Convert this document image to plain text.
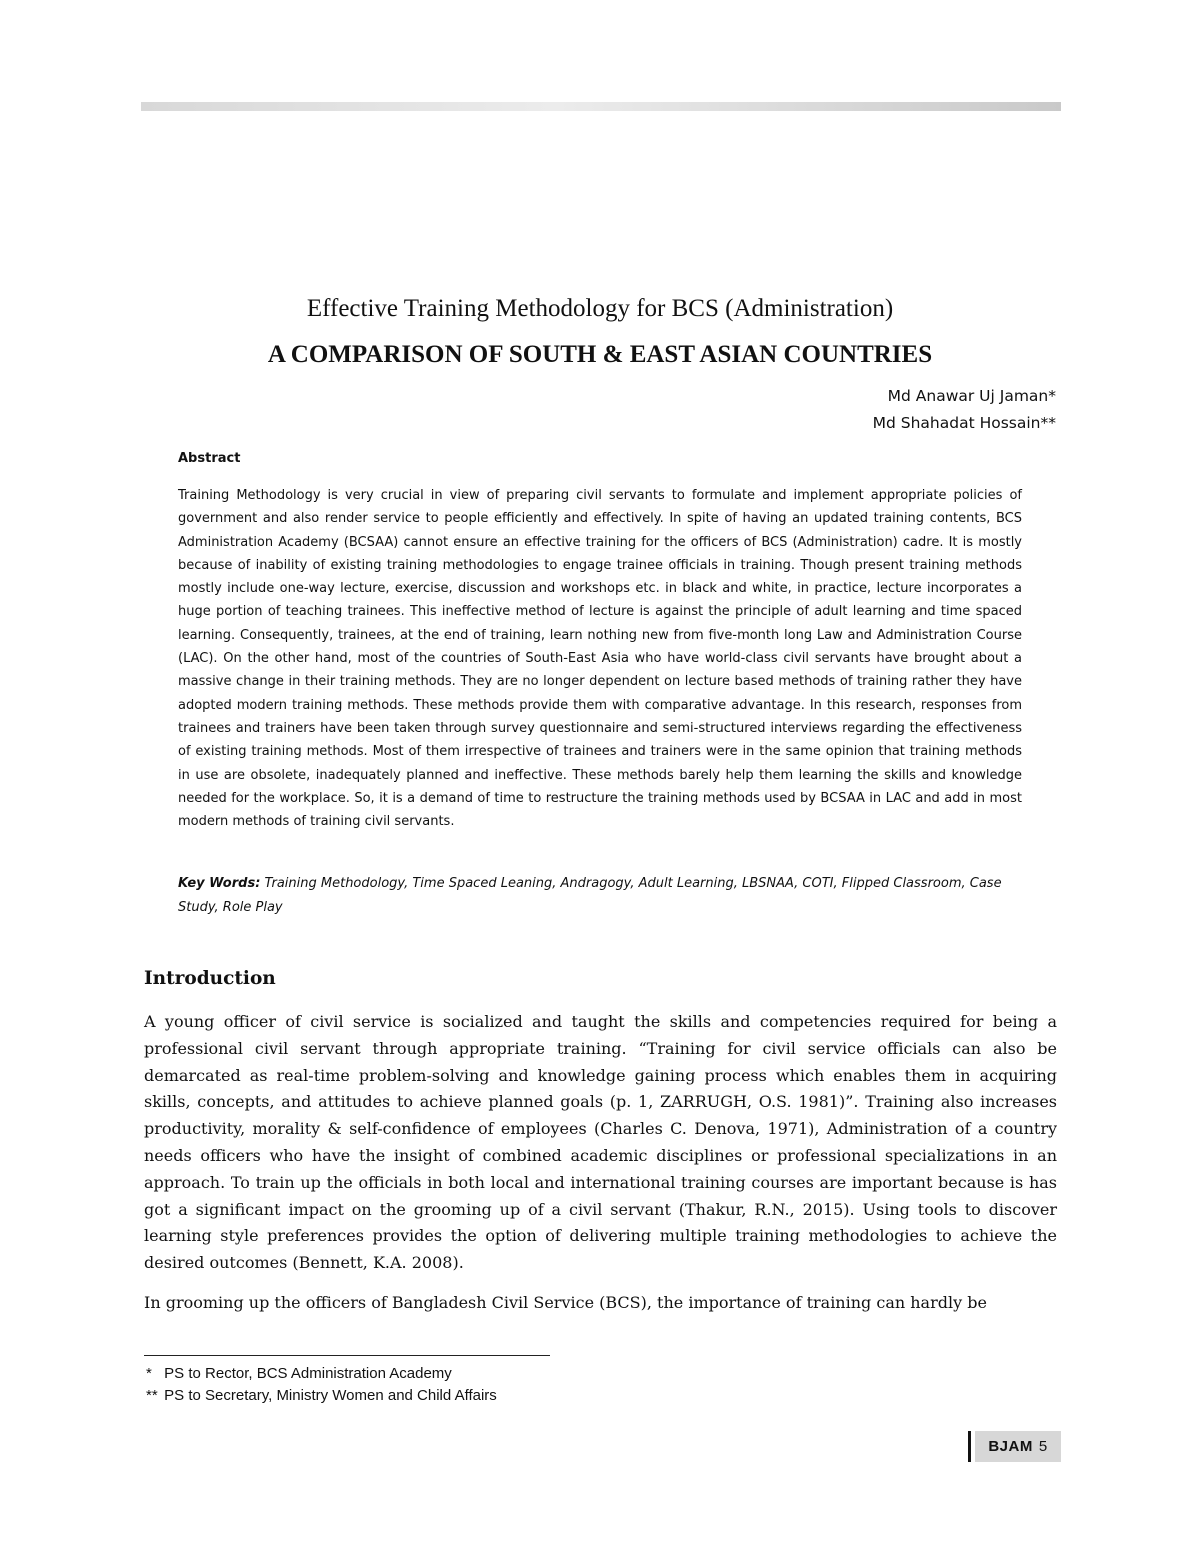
Effective Training Methodology for BCS (Administration)
A COMPARISON OF SOUTH & EAST ASIAN COUNTRIES
Md Anawar Uj Jaman*
Md Shahadat Hossain**
Abstract

Training Methodology is very crucial in view of preparing civil servants to formulate and implement appropriate policies of government and also render service to people efficiently and effectively. In spite of having an updated training contents, BCS Administration Academy (BCSAA) cannot ensure an effective training for the officers of BCS (Administration) cadre. It is mostly because of inability of existing training methodologies to engage trainee officials in training. Though present training methods mostly include one-way lecture, exercise, discussion and workshops etc. in black and white, in practice, lecture incorporates a huge portion of teaching trainees. This ineffective method of lecture is against the principle of adult learning and time spaced learning. Consequently, trainees, at the end of training, learn nothing new from five-month long Law and Administration Course (LAC). On the other hand, most of the countries of South-East Asia who have world-class civil servants have brought about a massive change in their training methods. They are no longer dependent on lecture based methods of training rather they have adopted modern training methods. These methods provide them with comparative advantage. In this research, responses from trainees and trainers have been taken through survey questionnaire and semi-structured interviews regarding the effectiveness of existing training methods. Most of them irrespective of trainees and trainers were in the same opinion that training methods in use are obsolete, inadequately planned and ineffective. These methods barely help them learning the skills and knowledge needed for the workplace. So, it is a demand of time to restructure the training methods used by BCSAA in LAC and add in most modern methods of training civil servants.

Key Words: Training Methodology, Time Spaced Leaning, Andragogy, Adult Learning, LBSNAA, COTI, Flipped Classroom, Case Study, Role Play

Introduction

A young officer of civil service is socialized and taught the skills and competencies required for being a professional civil servant through appropriate training. “Training for civil service officials can also be demarcated as real-time problem-solving and knowledge gaining process which enables them in acquiring skills, concepts, and attitudes to achieve planned goals (p. 1, ZARRUGH, O.S. 1981)”. Training also increases productivity, morality & self-confidence of employees (Charles C. Denova, 1971), Administration of a country needs officers who have the insight of combined academic disciplines or professional specializations in an approach. To train up the officials in both local and international training courses are important because is has got a significant impact on the grooming up of a civil servant (Thakur, R.N., 2015). Using tools to discover learning style preferences provides the option of delivering multiple training methodologies to achieve the desired outcomes (Bennett, K.A. 2008).

In grooming up the officers of Bangladesh Civil Service (BCS), the importance of training can hardly be

* PS to Rector, BCS Administration Academy
** PS to Secretary, Ministry Women and Child Affairs
BJAM 5
